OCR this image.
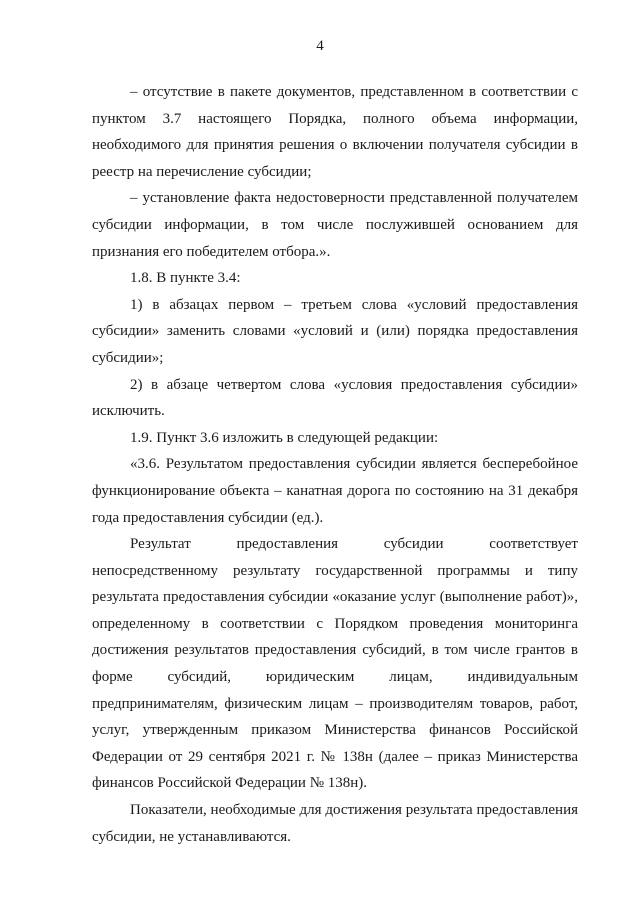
4

– отсутствие в пакете документов, представленном в соответствии с пунктом 3.7 настоящего Порядка, полного объема информации, необходимого для принятия решения о включении получателя субсидии в реестр на перечисление субсидии;

– установление факта недостоверности представленной получателем субсидии информации, в том числе послужившей основанием для признания его победителем отбора.».

1.8. В пункте 3.4:

1) в абзацах первом – третьем слова «условий предоставления субсидии» заменить словами «условий и (или) порядка предоставления субсидии»;

2) в абзаце четвертом слова «условия предоставления субсидии» исключить.

1.9. Пункт 3.6 изложить в следующей редакции:

«3.6. Результатом предоставления субсидии является бесперебойное функционирование объекта – канатная дорога по состоянию на 31 декабря года предоставления субсидии (ед.).

Результат предоставления субсидии соответствует непосредственному результату государственной программы и типу результата предоставления субсидии «оказание услуг (выполнение работ)», определенному в соответствии с Порядком проведения мониторинга достижения результатов предоставления субсидий, в том числе грантов в форме субсидий, юридическим лицам, индивидуальным предпринимателям, физическим лицам – производителям товаров, работ, услуг, утвержденным приказом Министерства финансов Российской Федерации от 29 сентября 2021 г. № 138н (далее – приказ Министерства финансов Российской Федерации № 138н).

Показатели, необходимые для достижения результата предоставления субсидии, не устанавливаются.
